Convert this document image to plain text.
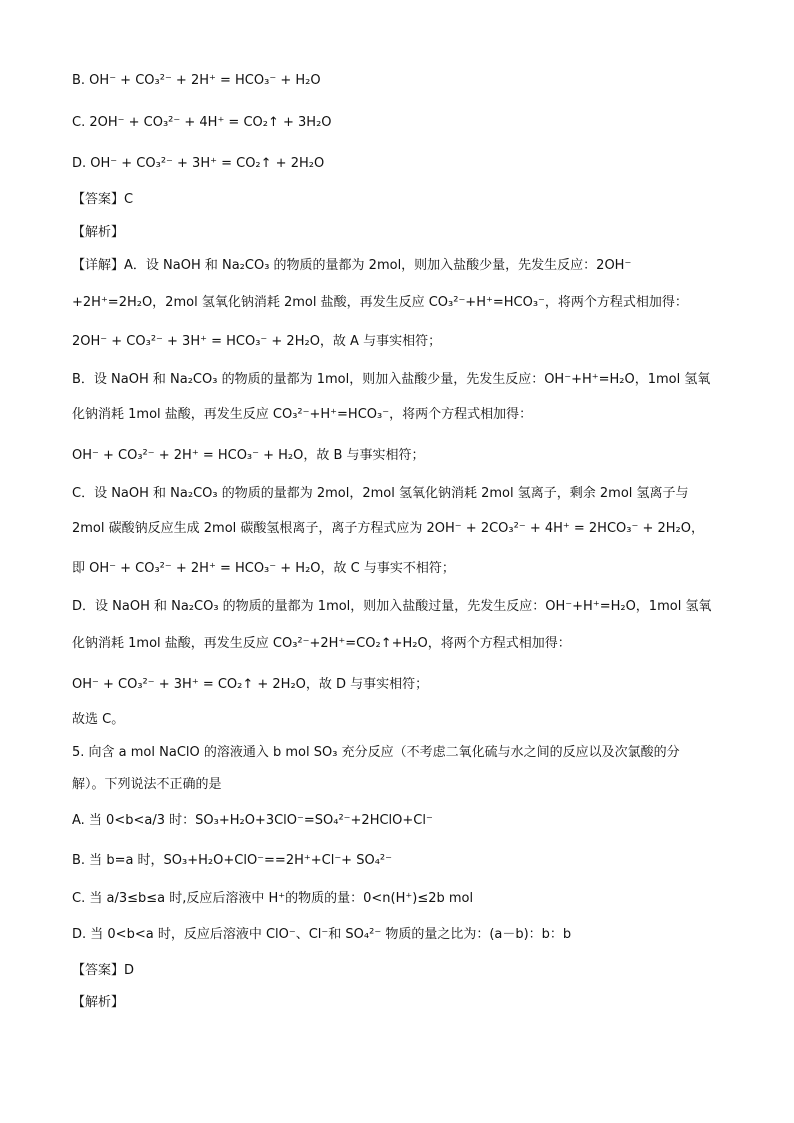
B. OH⁻ + CO₃²⁻ + 2H⁺ = HCO₃⁻ + H₂O
C. 2OH⁻ + CO₃²⁻ + 4H⁺ = CO₂↑ + 3H₂O
D. OH⁻ + CO₃²⁻ + 3H⁺ = CO₂↑ + 2H₂O
【答案】C
【解析】
【详解】A．设 NaOH 和 Na₂CO₃ 的物质的量都为 2mol，则加入盐酸少量，先发生反应：2OH⁻
+2H⁺=2H₂O，2mol 氢氧化钠消耗 2mol 盐酸，再发生反应 CO₃²⁻+H⁺=HCO₃⁻，将两个方程式相加得：
2OH⁻ + CO₃²⁻ + 3H⁺ = HCO₃⁻ + 2H₂O，故 A 与事实相符；
B．设 NaOH 和 Na₂CO₃ 的物质的量都为 1mol，则加入盐酸少量，先发生反应：OH⁻+H⁺=H₂O，1mol 氢氧
化钠消耗 1mol 盐酸，再发生反应 CO₃²⁻+H⁺=HCO₃⁻，将两个方程式相加得：
OH⁻ + CO₃²⁻ + 2H⁺ = HCO₃⁻ + H₂O，故 B 与事实相符；
C．设 NaOH 和 Na₂CO₃ 的物质的量都为 2mol，2mol 氢氧化钠消耗 2mol 氢离子，剩余 2mol 氢离子与
2mol 碳酸钠反应生成 2mol 碳酸氢根离子，离子方程式应为 2OH⁻ + 2CO₃²⁻ + 4H⁺ = 2HCO₃⁻ + 2H₂O，
即 OH⁻ + CO₃²⁻ + 2H⁺ = HCO₃⁻ + H₂O，故 C 与事实不相符；
D．设 NaOH 和 Na₂CO₃ 的物质的量都为 1mol，则加入盐酸过量，先发生反应：OH⁻+H⁺=H₂O，1mol 氢氧
化钠消耗 1mol 盐酸，再发生反应 CO₃²⁻+2H⁺=CO₂↑+H₂O，将两个方程式相加得：
OH⁻ + CO₃²⁻ + 3H⁺ = CO₂↑ + 2H₂O，故 D 与事实相符；
故选 C。
5. 向含 a mol NaClO 的溶液通入 b mol SO₃ 充分反应（不考虑二氧化硫与水之间的反应以及次氯酸的分
解）。下列说法不正确的是
A. 当 0<b<a/3 时：SO₃+H₂O+3ClO⁻=SO₄²⁻+2HClO+Cl⁻
B. 当 b=a 时，SO₃+H₂O+ClO⁻==2H⁺+Cl⁻+ SO₄²⁻
C. 当 a/3≤b≤a 时,反应后溶液中 H⁺的物质的量：0<n(H⁺)≤2b mol
D. 当 0<b<a 时，反应后溶液中 ClO⁻、Cl⁻和 SO₄²⁻ 物质的量之比为：(a－b)：b：b
【答案】D
【解析】
